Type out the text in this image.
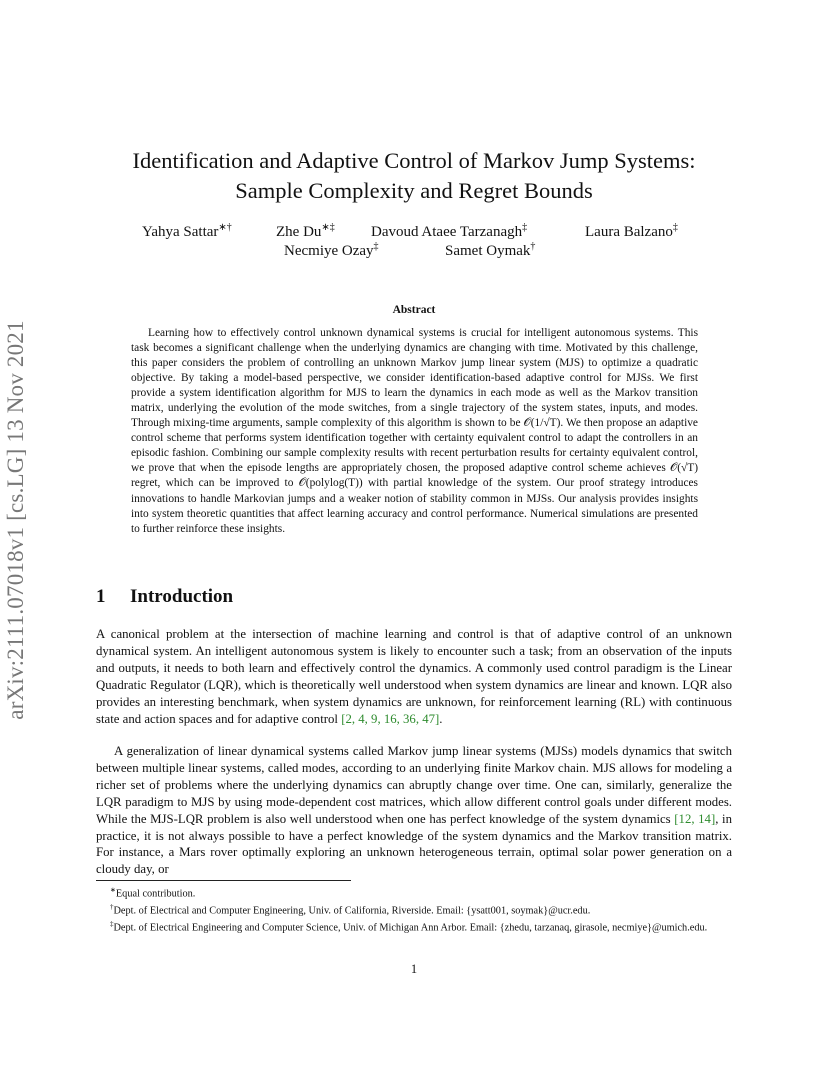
arXiv:2111.07018v1 [cs.LG] 13 Nov 2021
Identification and Adaptive Control of Markov Jump Systems:
Sample Complexity and Regret Bounds
Yahya Sattar∗†	Zhe Du∗‡ Davoud Ataee Tarzanagh‡	Laura Balzano‡
Necmiye Ozay‡	Samet Oymak†
Abstract
Learning how to effectively control unknown dynamical systems is crucial for intelligent autonomous systems. This task becomes a significant challenge when the underlying dynamics are changing with time. Motivated by this challenge, this paper considers the problem of controlling an unknown Markov jump linear system (MJS) to optimize a quadratic objective. By taking a model-based perspective, we consider identification-based adaptive control for MJSs. We first provide a system identification algorithm for MJS to learn the dynamics in each mode as well as the Markov transition matrix, underlying the evolution of the mode switches, from a single trajectory of the system states, inputs, and modes. Through mixing-time arguments, sample complexity of this algorithm is shown to be 𝒪(1/√T). We then propose an adaptive control scheme that performs system identification together with certainty equivalent control to adapt the controllers in an episodic fashion. Combining our sample complexity results with recent perturbation results for certainty equivalent control, we prove that when the episode lengths are appropriately chosen, the proposed adaptive control scheme achieves 𝒪(√T) regret, which can be improved to 𝒪(polylog(T)) with partial knowledge of the system. Our proof strategy introduces innovations to handle Markovian jumps and a weaker notion of stability common in MJSs. Our analysis provides insights into system theoretic quantities that affect learning accuracy and control performance. Numerical simulations are presented to further reinforce these insights.
1 Introduction
A canonical problem at the intersection of machine learning and control is that of adaptive control of an unknown dynamical system. An intelligent autonomous system is likely to encounter such a task; from an observation of the inputs and outputs, it needs to both learn and effectively control the dynamics. A commonly used control paradigm is the Linear Quadratic Regulator (LQR), which is theoretically well understood when system dynamics are linear and known. LQR also provides an interesting benchmark, when system dynamics are unknown, for reinforcement learning (RL) with continuous state and action spaces and for adaptive control [2, 4, 9, 16, 36, 47].
A generalization of linear dynamical systems called Markov jump linear systems (MJSs) models dynamics that switch between multiple linear systems, called modes, according to an underlying finite Markov chain. MJS allows for modeling a richer set of problems where the underlying dynamics can abruptly change over time. One can, similarly, generalize the LQR paradigm to MJS by using mode-dependent cost matrices, which allow different control goals under different modes. While the MJS-LQR problem is also well understood when one has perfect knowledge of the system dynamics [12, 14], in practice, it is not always possible to have a perfect knowledge of the system dynamics and the Markov transition matrix. For instance, a Mars rover optimally exploring an unknown heterogeneous terrain, optimal solar power generation on a cloudy day, or
∗Equal contribution.
†Dept. of Electrical and Computer Engineering, Univ. of California, Riverside. Email: {ysatt001, soymak}@ucr.edu.
‡Dept. of Electrical Engineering and Computer Science, Univ. of Michigan Ann Arbor. Email: {zhedu, tarzanaq, girasole, necmiye}@umich.edu.
1
